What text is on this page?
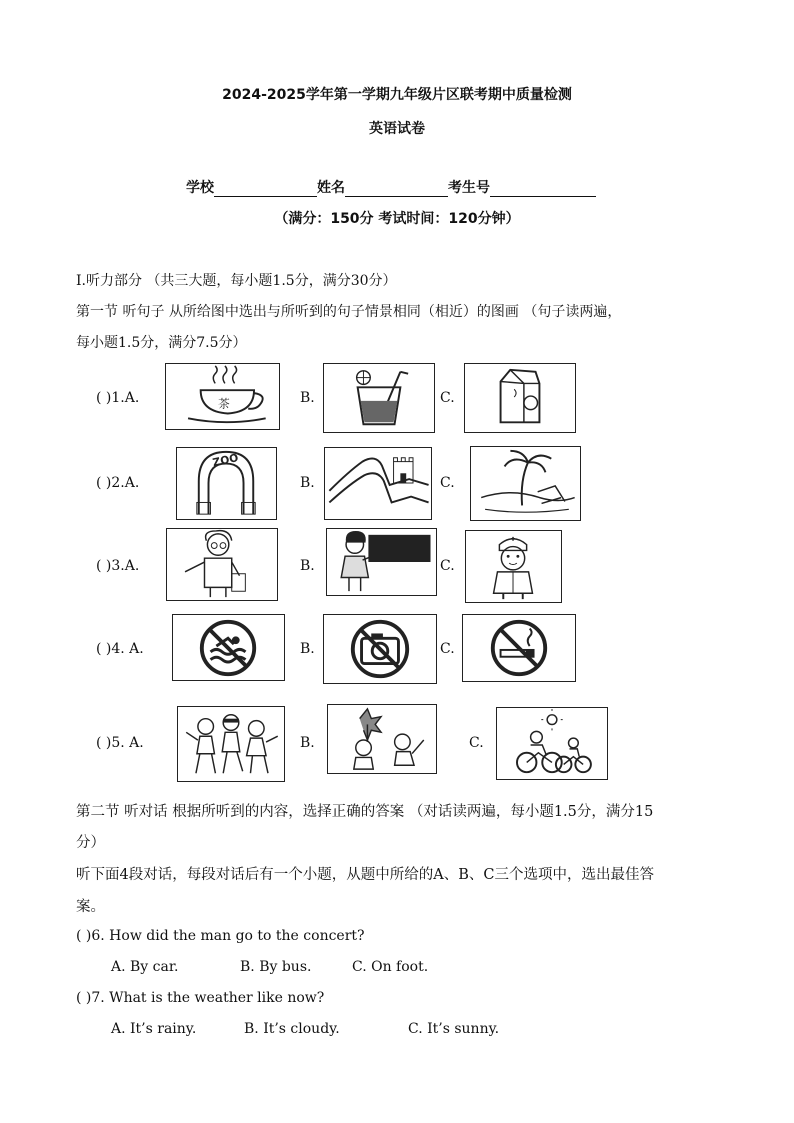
2024-2025学年第一学期九年级片区联考期中质量检测
英语试卷
学校	姓名	考生号
（满分：150分 考试时间：120分钟）
I.听力部分 （共三大题，每小题1.5分，满分30分）
第一节 听句子 从所给图中选出与所听到的句子情景相同（相近）的图画 （句子读两遍，
每小题1.5分，满分7.5分）
( )1.A.	茶	B.	C.
( )2.A.
ZOO
B.	C.
( )3.A.	B.	C.
( )4. A.	B.	C.
( )5. A.	B.	C.
第二节 听对话 根据所听到的内容，选择正确的答案 （对话读两遍，每小题1.5分，满分15
分）
听下面4段对话，每段对话后有一个小题，从题中所给的A、B、C三个选项中，选出最佳答
案。
( )6. How did the man go to the concert?
A. By car.	B. By bus.	C. On foot.
( )7. What is the weather like now?
A. It’s rainy.	B. It’s cloudy.	C. It’s sunny.
